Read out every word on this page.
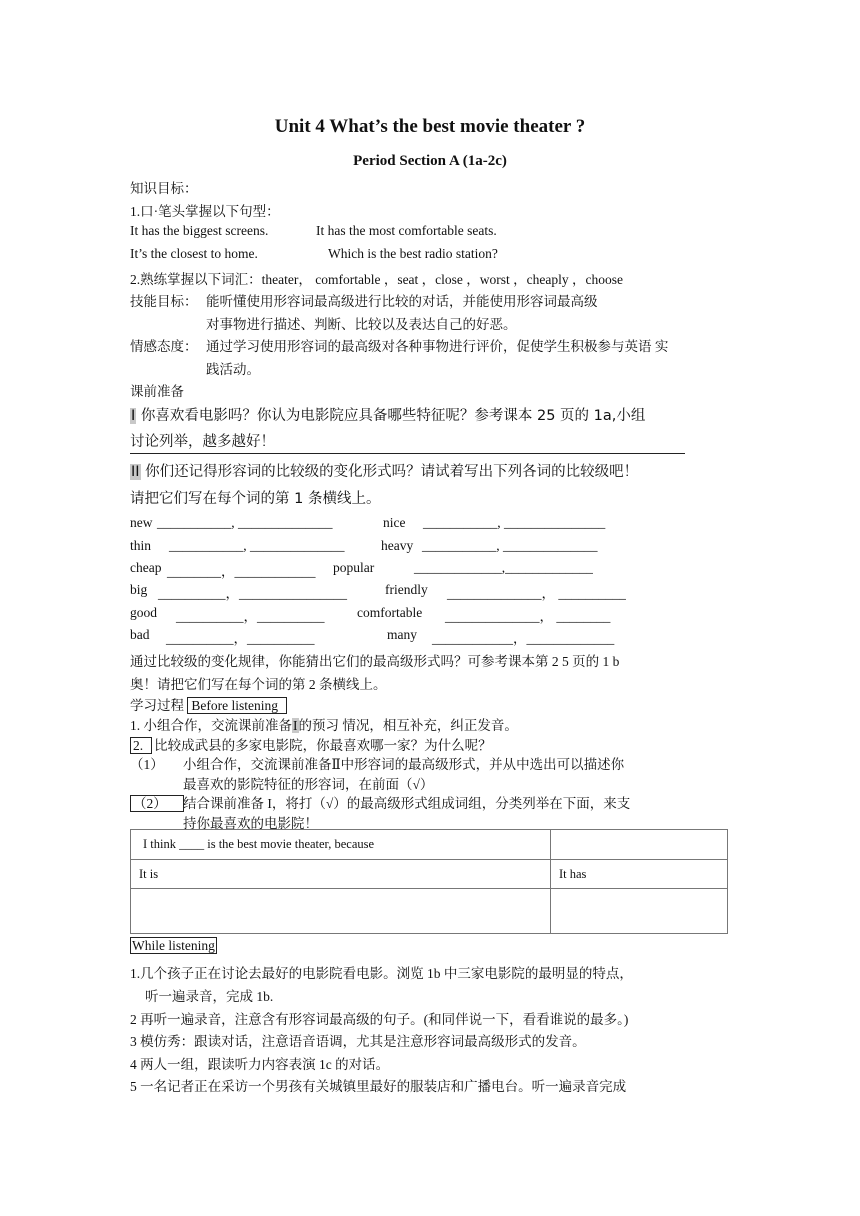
Unit 4 What’s the best movie theater ?
Period Section A (1a-2c)
知识目标：
1.口·笔头掌握以下句型：
It has the biggest screens.	It has the most comfortable seats.
It’s the closest to home.	Which is the best radio station?
2.熟练掌握以下词汇：theater， comfortable ，seat ，close ，worst ，cheaply ，choose
技能目标： 能听懂使用形容词最高级进行比较的对话，并能使用形容词最高级
对事物进行描述、判断、比较以及表达自己的好恶。
情感态度： 通过学习使用形容词的最高级对各种事物进行评价，促使学生积极参与英语 实
践活动。
课前准备
I 你喜欢看电影吗？你认为电影院应具备哪些特征呢？参考课本 25 页的 1a,小组
讨论列举，越多越好！
II 你们还记得形容词的比较级的变化形式吗？请试着写出下列各词的比较级吧！
请把它们写在每个词的第 1 条横线上。
new ___________, ______________	nice ___________, _______________
thin ___________, ______________	heavy ___________, ______________
cheap ________，____________ popular	_____________,_____________
big __________，________________	friendly ______________， __________
good __________，__________ comfortable ______________， ________
bad __________，__________	many ____________，_____________
通过比较级的变化规律，你能猜出它们的最高级形式吗？可参考课本第 2 5 页的 1 b
奥！请把它们写在每个词的第 2 条横线上。
学习过程 Before listening
1. 小组合作，交流课前准备I的预习 情况，相互补充，纠正发音。
2. 比较成武县的多家电影院，你最喜欢哪一家？为什么呢？
（1） 小组合作，交流课前准备Ⅱ中形容词的最高级形式，并从中选出可以描述你
最喜欢的影院特征的形容词，在前面（√）
（2）	结合课前准备 I，将打（√）的最高级形式组成词组，分类列举在下面，来支
持你最喜欢的电影院！
I think ____ is the best movie theater, because	
It is	It has

While listening
1.几个孩子正在讨论去最好的电影院看电影。浏览 1b 中三家电影院的最明显的特点，
听一遍录音，完成 1b.
2 再听一遍录音，注意含有形容词最高级的句子。(和同伴说一下，看看谁说的最多。)
3 模仿秀：跟读对话，注意语音语调，尤其是注意形容词最高级形式的发音。
4 两人一组，跟读听力内容表演 1c 的对话。
5 一名记者正在采访一个男孩有关城镇里最好的服装店和广播电台。听一遍录音完成
